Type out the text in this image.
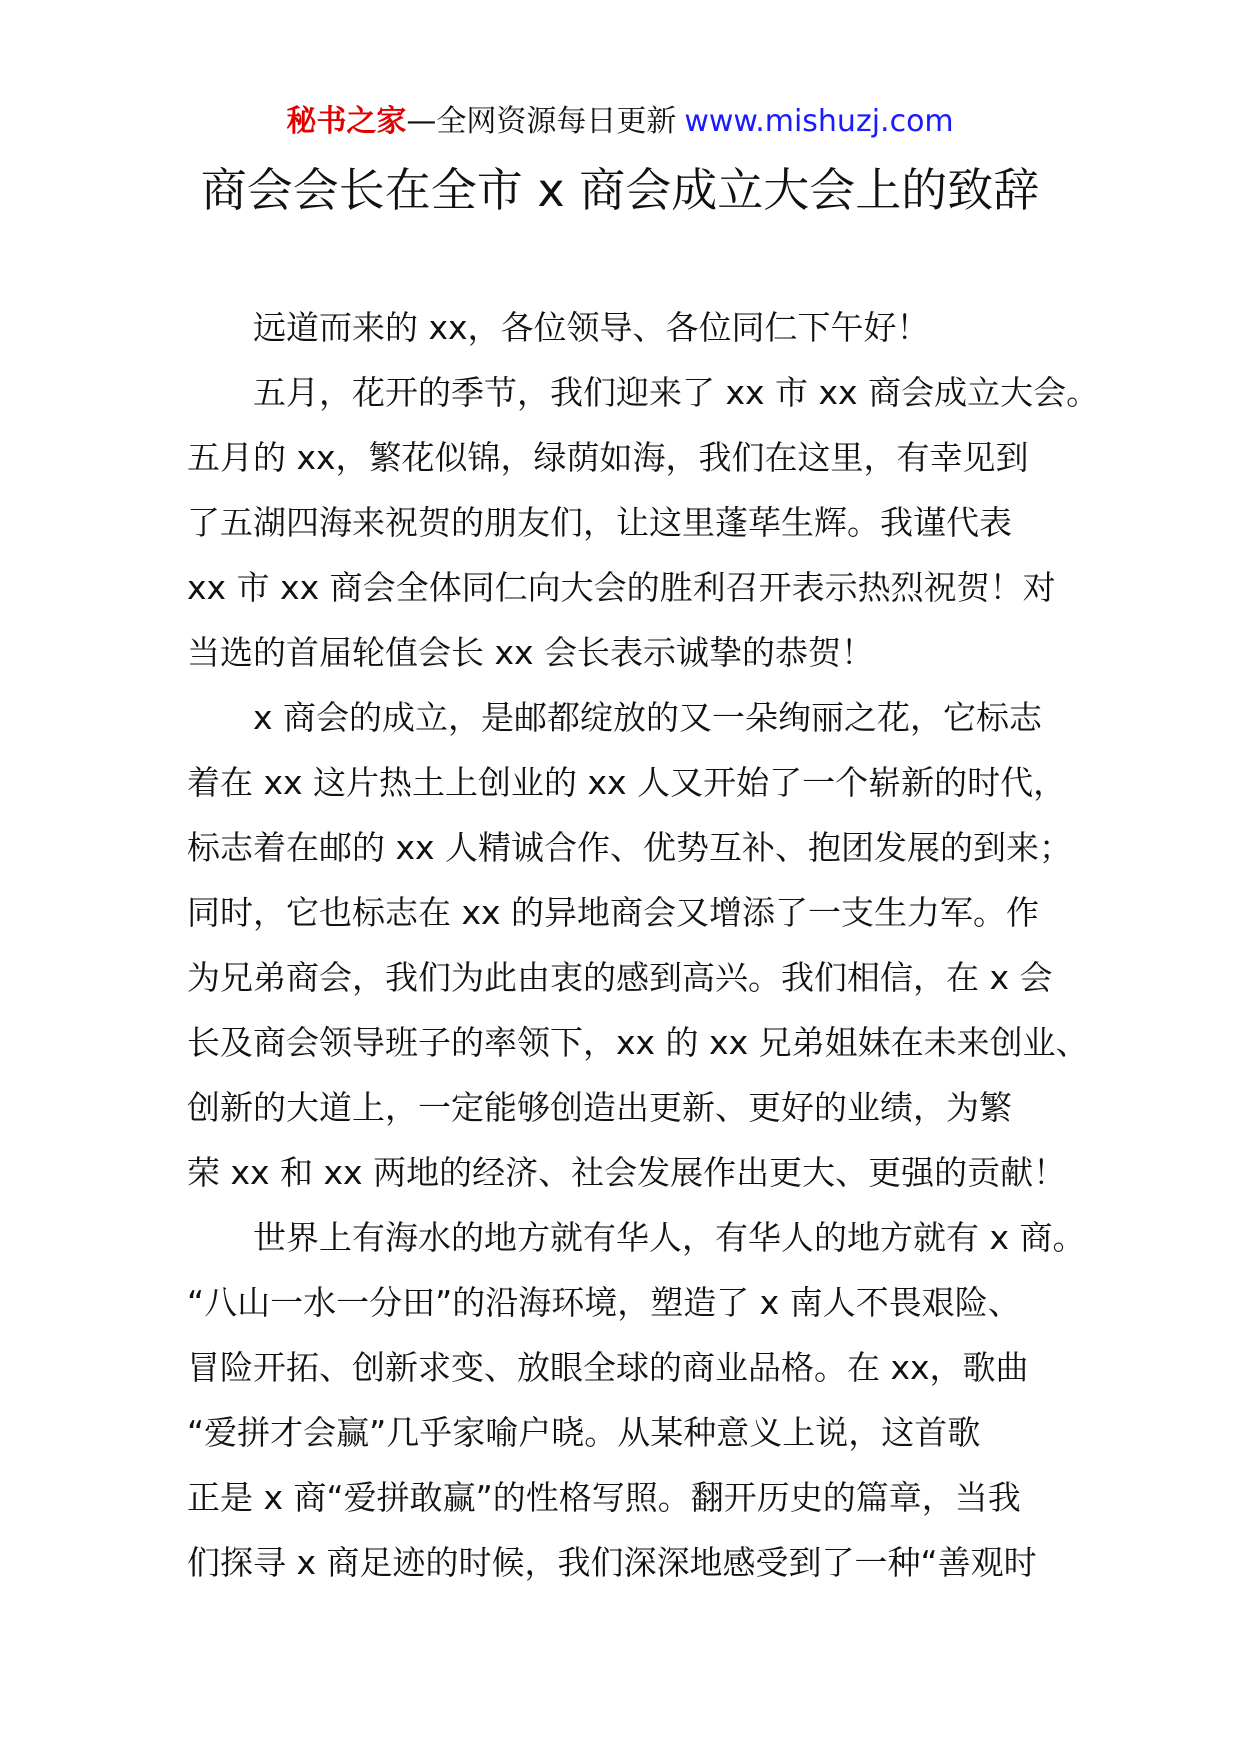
秘书之家—全网资源每日更新 www.mishuzj.com
商会会长在全市 x 商会成立大会上的致辞
远道而来的 xx，各位领导、各位同仁下午好！
五月，花开的季节，我们迎来了 xx 市 xx 商会成立大会。
五月的 xx，繁花似锦，绿荫如海，我们在这里，有幸见到
了五湖四海来祝贺的朋友们，让这里蓬荜生辉。我谨代表
xx 市 xx 商会全体同仁向大会的胜利召开表示热烈祝贺！对
当选的首届轮值会长 xx 会长表示诚挚的恭贺！
x 商会的成立，是邮都绽放的又一朵绚丽之花，它标志
着在 xx 这片热土上创业的 xx 人又开始了一个崭新的时代，
标志着在邮的 xx 人精诚合作、优势互补、抱团发展的到来；
同时，它也标志在 xx 的异地商会又增添了一支生力军。作
为兄弟商会，我们为此由衷的感到高兴。我们相信，在 x 会
长及商会领导班子的率领下，xx 的 xx 兄弟姐妹在未来创业、
创新的大道上，一定能够创造出更新、更好的业绩，为繁
荣 xx 和 xx 两地的经济、社会发展作出更大、更强的贡献！
世界上有海水的地方就有华人，有华人的地方就有 x 商。
“八山一水一分田”的沿海环境，塑造了 x 南人不畏艰险、
冒险开拓、创新求变、放眼全球的商业品格。在 xx，歌曲
“爱拼才会赢”几乎家喻户晓。从某种意义上说，这首歌
正是 x 商“爱拼敢赢”的性格写照。翻开历史的篇章，当我
们探寻 x 商足迹的时候，我们深深地感受到了一种“善观时
